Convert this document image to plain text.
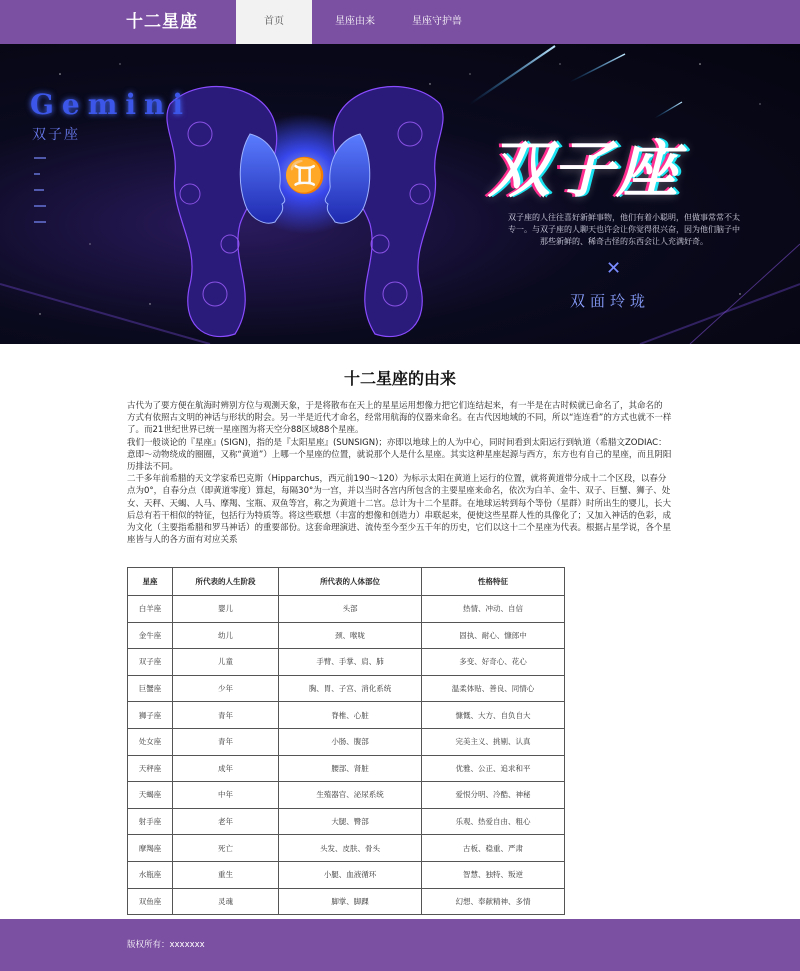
十二星座	首页	星座由来	星座守护兽
♊
Gemini
双子座	双子座
双子座的人往往喜好新鲜事物，他们有着小聪明，但做事常常不太专一。与双子座的人聊天也许会让你觉得很兴奋，因为他们脑子中那些新鲜的、稀奇古怪的东西会让人充满好奇。
✕
双面玲珑
十二星座的由来

古代为了要方便在航海时辨别方位与观测天象，于是将散布在天上的星星运用想像力把它们连结起来，有一半是在古时候就已命名了，其命名的 方式有依照古文明的神话与形状的附会。另一半是近代才命名，经常用航海的仪器来命名。在古代因地域的不同，所以“连连看”的方式也就不一样了。而21世纪世界已统一星座图为将天空分88区域88个星座。

我们一般谈论的『星座』(SIGN)，指的是『太阳星座』(SUNSIGN)；亦即以地球上的人为中心，同时间看到太阳运行到轨道（希腊文ZODIAC：意即～动物绕成的圈圈，又称“黄道”）上哪一个星座的位置，就说那个人是什么星座。其实这种星座起源与西方，东方也有自己的星座，而且阴阳历排法不同。

二千多年前希腊的天文学家希巴克斯（Hipparchus，西元前190～120）为标示太阳在黄道上运行的位置，就将黄道带分成十二个区段，以春分点为0°，自春分点（即黄道零度）算起，每隔30°为一宫，并以当时各宫内所包含的主要星座来命名，依次为白羊、金牛、双子、巨蟹、狮子、处女、天秤、天蝎、人马、摩羯、宝瓶、双鱼等宫，称之为黄道十二宫。总计为十二个星群。在地球运转到每个等份（星群）时所出生的婴儿，长大后总有若干相似的特征，包括行为特质等。将这些联想（丰富的想像和创造力）串联起来，便使这些星群人性的具像化了；又加入神话的色彩，成为文化（主要指希腊和罗马神话）的重要部份。这套命理演进、流传至今至少五千年的历史，它们以这十二个星座为代表。根据占星学说，各个星座皆与人的各方面有对应关系

星座	所代表的人生阶段	所代表的人体部位	性格特征
白羊座	婴儿	头部	热情、冲动、自信
金牛座	幼儿	颈、喉咙	固执、耐心、慷郎中
双子座	儿童	手臂、手掌、肩、肺	多变、好奇心、花心
巨蟹座	少年	胸、胃、子宫、消化系统	温柔体贴、善良、同情心
狮子座	青年	脊椎、心脏	慷慨、大方、自负自大
处女座	青年	小肠、腹部	完美主义、挑剔、认真
天秤座	成年	腰部、肾脏	优雅、公正、追求和平
天蝎座	中年	生殖器官、泌尿系统	爱恨分明、冷酷、神秘
射手座	老年	大腿、臀部	乐观、热爱自由、粗心
摩羯座	死亡	头发、皮肤、骨头	古板、稳重、严肃
水瓶座	重生	小腿、血液循环	智慧、独特、叛逆
双鱼座	灵魂	脚掌、脚踝	幻想、奉献精神、多情
版权所有：xxxxxxx
